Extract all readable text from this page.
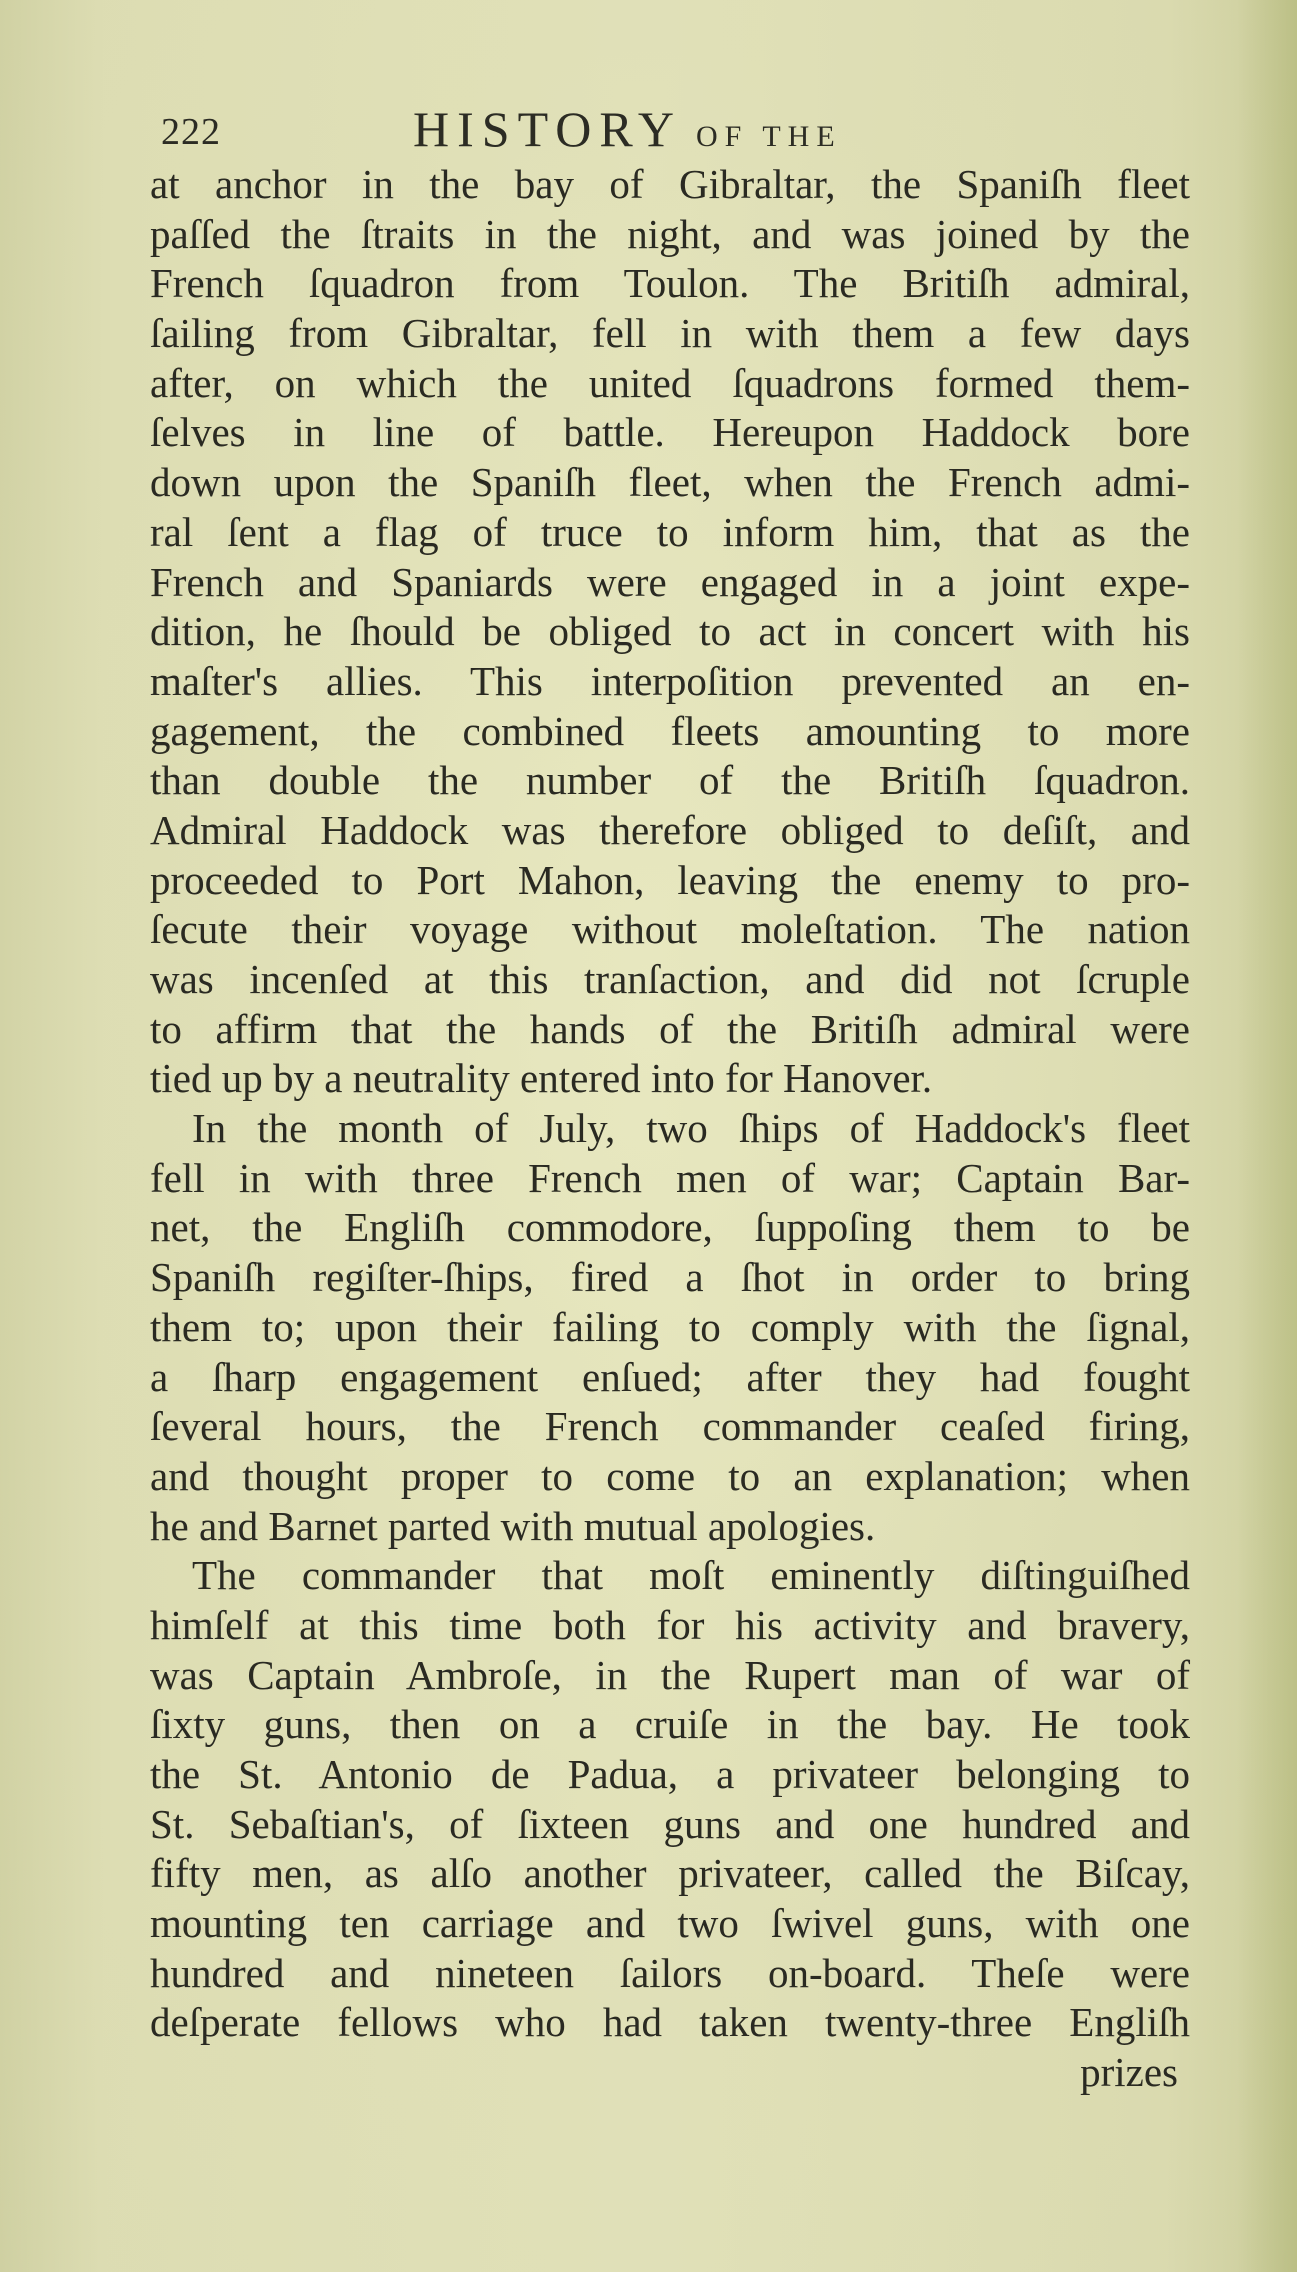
222	HISTORY OF THE
at anchor in the bay of Gibraltar, the Spaniſh fleet
paſſed the ſtraits in the night, and was joined by the
French ſquadron from Toulon. The Britiſh admiral,
ſailing from Gibraltar, fell in with them a few days
after, on which the united ſquadrons formed them-
ſelves in line of battle. Hereupon Haddock bore
down upon the Spaniſh fleet, when the French admi-
ral ſent a flag of truce to inform him, that as the
French and Spaniards were engaged in a joint expe-
dition, he ſhould be obliged to act in concert with his
maſter's allies. This interpoſition prevented an en-
gagement, the combined fleets amounting to more
than double the number of the Britiſh ſquadron.
Admiral Haddock was therefore obliged to deſiſt, and
proceeded to Port Mahon, leaving the enemy to pro-
ſecute their voyage without moleſtation. The nation
was incenſed at this tranſaction, and did not ſcruple
to affirm that the hands of the Britiſh admiral were
tied up by a neutrality entered into for Hanover.
In the month of July, two ſhips of Haddock's fleet
fell in with three French men of war; Captain Bar-
net, the Engliſh commodore, ſuppoſing them to be
Spaniſh regiſter-ſhips, fired a ſhot in order to bring
them to; upon their failing to comply with the ſignal,
a ſharp engagement enſued; after they had fought
ſeveral hours, the French commander ceaſed firing,
and thought proper to come to an explanation; when
he and Barnet parted with mutual apologies.
The commander that moſt eminently diſtinguiſhed
himſelf at this time both for his activity and bravery,
was Captain Ambroſe, in the Rupert man of war of
ſixty guns, then on a cruiſe in the bay. He took
the St. Antonio de Padua, a privateer belonging to
St. Sebaſtian's, of ſixteen guns and one hundred and
fifty men, as alſo another privateer, called the Biſcay,
mounting ten carriage and two ſwivel guns, with one
hundred and nineteen ſailors on-board. Theſe were
deſperate fellows who had taken twenty-three Engliſh
prizes
